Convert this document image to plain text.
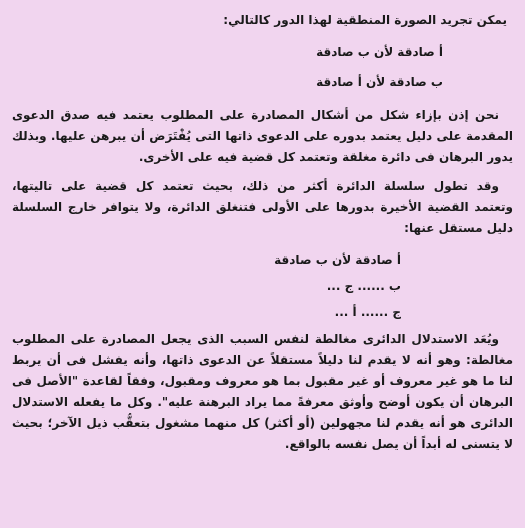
يمكن تجريد الصورة المنطقية لهذا الدور كالتالي:
أ صادقة لأن ب صادقة
ب صادقة لأن أ صادقة
نحن إذن بإزاء شكل من أشكال المصادرة على المطلوب يعتمد فيه صدق الدعوى
المقدمة على دليل يعتمد بدوره على الدعوى ذاتها التى يُفْتَرَض أن يبرهن عليها. وبذلك
يدور البرهان فى دائرة مغلقة وتعتمد كل قضية فيه على الأخرى.
وقد تطول سلسلة الدائرة أكثر من ذلك، بحيث تعتمد كل قضية على تاليتها،
وتعتمد القضية الأخيرة بدورها على الأولى فتنغلق الدائرة، ولا يتوافر خارج السلسلة
دليل مستقل عنها:
أ صادقة لأن ب صادقة
ب ...... ج ...
ج ...... أ ...
ويُعَد الاستدلال الدائرى مغالطة لنفس السبب الذى يجعل المصادرة على المطلوب
مغالطة: وهو أنه لا يقدم لنا دليلاً مستقلاً عن الدعوى ذاتها، وأنه يفشل فى أن يربط
لنا ما هو غير معروف أو غير مقبول بما هو معروف ومقبول، وفقاً لقاعدة "الأصل فى
البرهان أن يكون أوضح وأوثق معرفةً مما يراد البرهنة عليه". وكل ما يفعله الاستدلال
الدائرى هو أنه يقدم لنا مجهولين (أو أكثر) كل منهما مشغول بتعقُّب ذيل الآخر؛ بحيث
لا يتسنى له أبداً أن يصل نفسه بالواقع.
